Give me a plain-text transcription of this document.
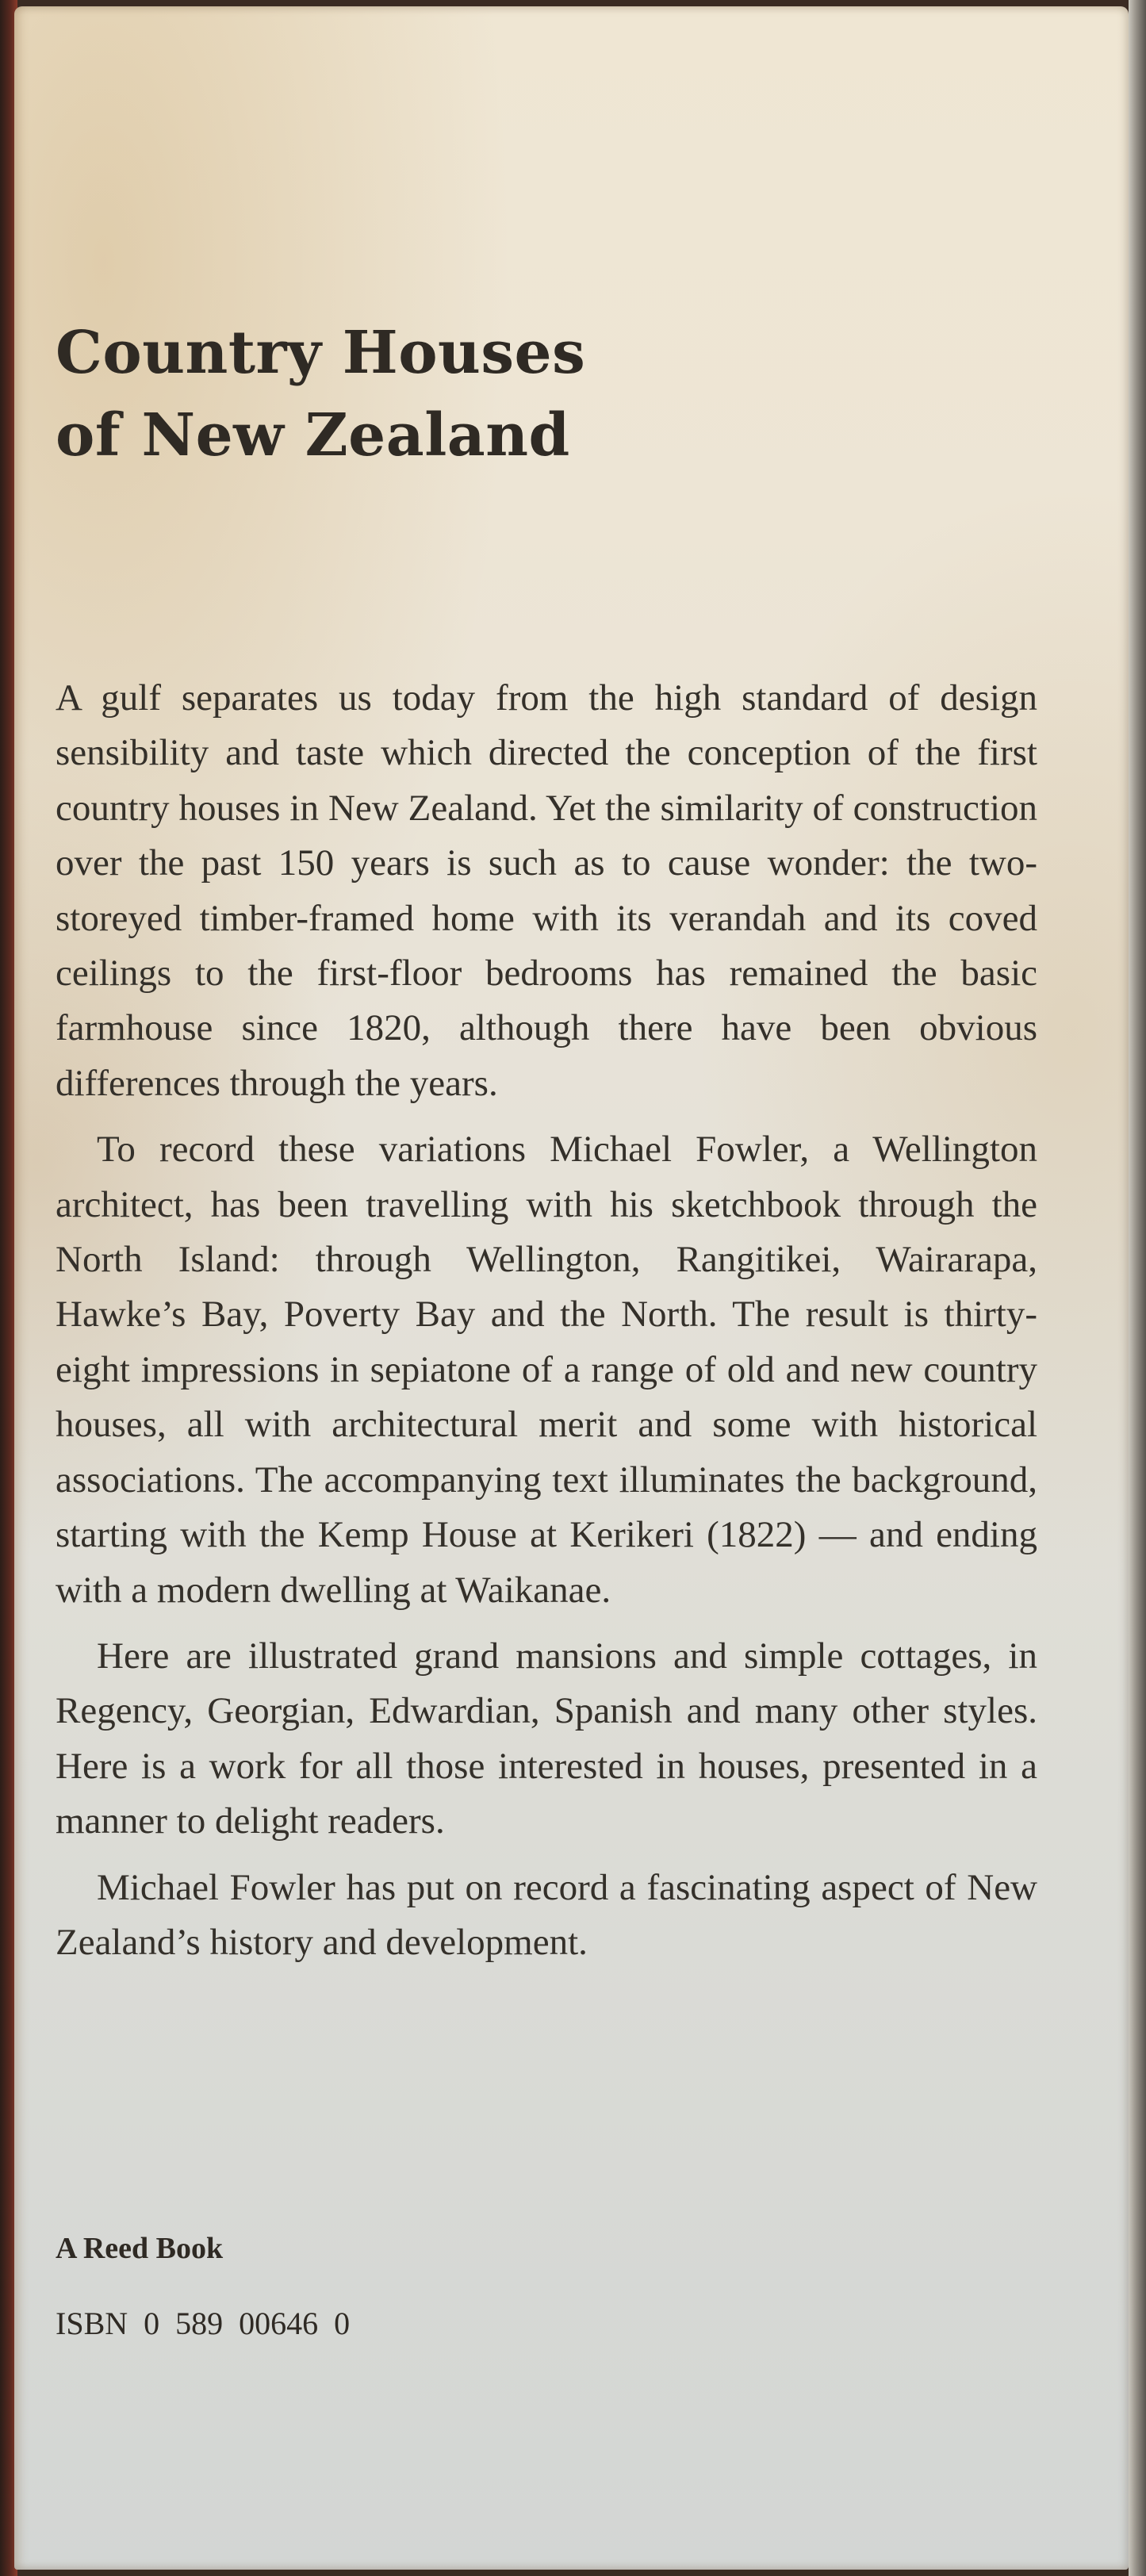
Country Houses
of New Zealand

A gulf separates us today from the high standard of design sensibility and taste which directed the conception of the first country houses in New Zealand. Yet the similarity of construction over the past 150 years is such as to cause wonder: the two-storeyed timber-framed home with its verandah and its coved ceilings to the first-floor bedrooms has remained the basic farmhouse since 1820, although there have been obvious differences through the years.

To record these variations Michael Fowler, a Wellington architect, has been travelling with his sketchbook through the North Island: through Wellington, Rangitikei, Wairarapa, Hawke’s Bay, Poverty Bay and the North. The result is thirty-eight impressions in sepiatone of a range of old and new country houses, all with architectural merit and some with historical associations. The accompanying text illuminates the background, starting with the Kemp House at Kerikeri (1822) — and ending with a modern dwelling at Waikanae.

Here are illustrated grand mansions and simple cottages, in Regency, Georgian, Edwardian, Spanish and many other styles. Here is a work for all those interested in houses, presented in a manner to delight readers.

Michael Fowler has put on record a fascinating aspect of New Zealand’s history and development.

A Reed Book
ISBN 0 589 00646 0
